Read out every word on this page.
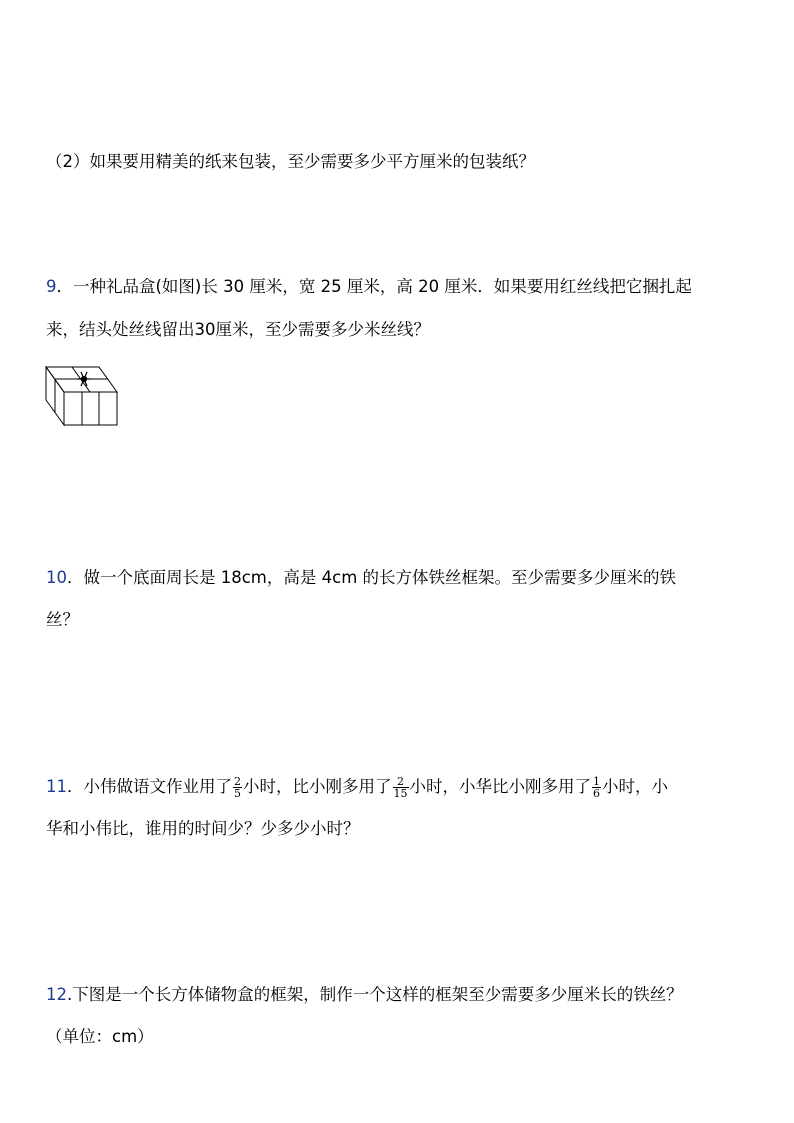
（2）如果要用精美的纸来包装，至少需要多少平方厘米的包装纸？
9．一种礼品盒(如图)长 30 厘米，宽 25 厘米，高 20 厘米．如果要用红丝线把它捆扎起
来，结头处丝线留出30厘米，至少需要多少米丝线？
10．做一个底面周长是 18cm，高是 4cm 的长方体铁丝框架。至少需要多少厘米的铁
丝？
11．小伟做语文作业用了 $\frac{2}{5}$ 小时，比小刚多用了 $\frac{2}{15}$ 小时，小华比小刚多用了 $\frac{1}{6}$ 小时，小
华和小伟比，谁用的时间少？少多少小时？
12.下图是一个长方体储物盒的框架，制作一个这样的框架至少需要多少厘米长的铁丝？
（单位：cm）
